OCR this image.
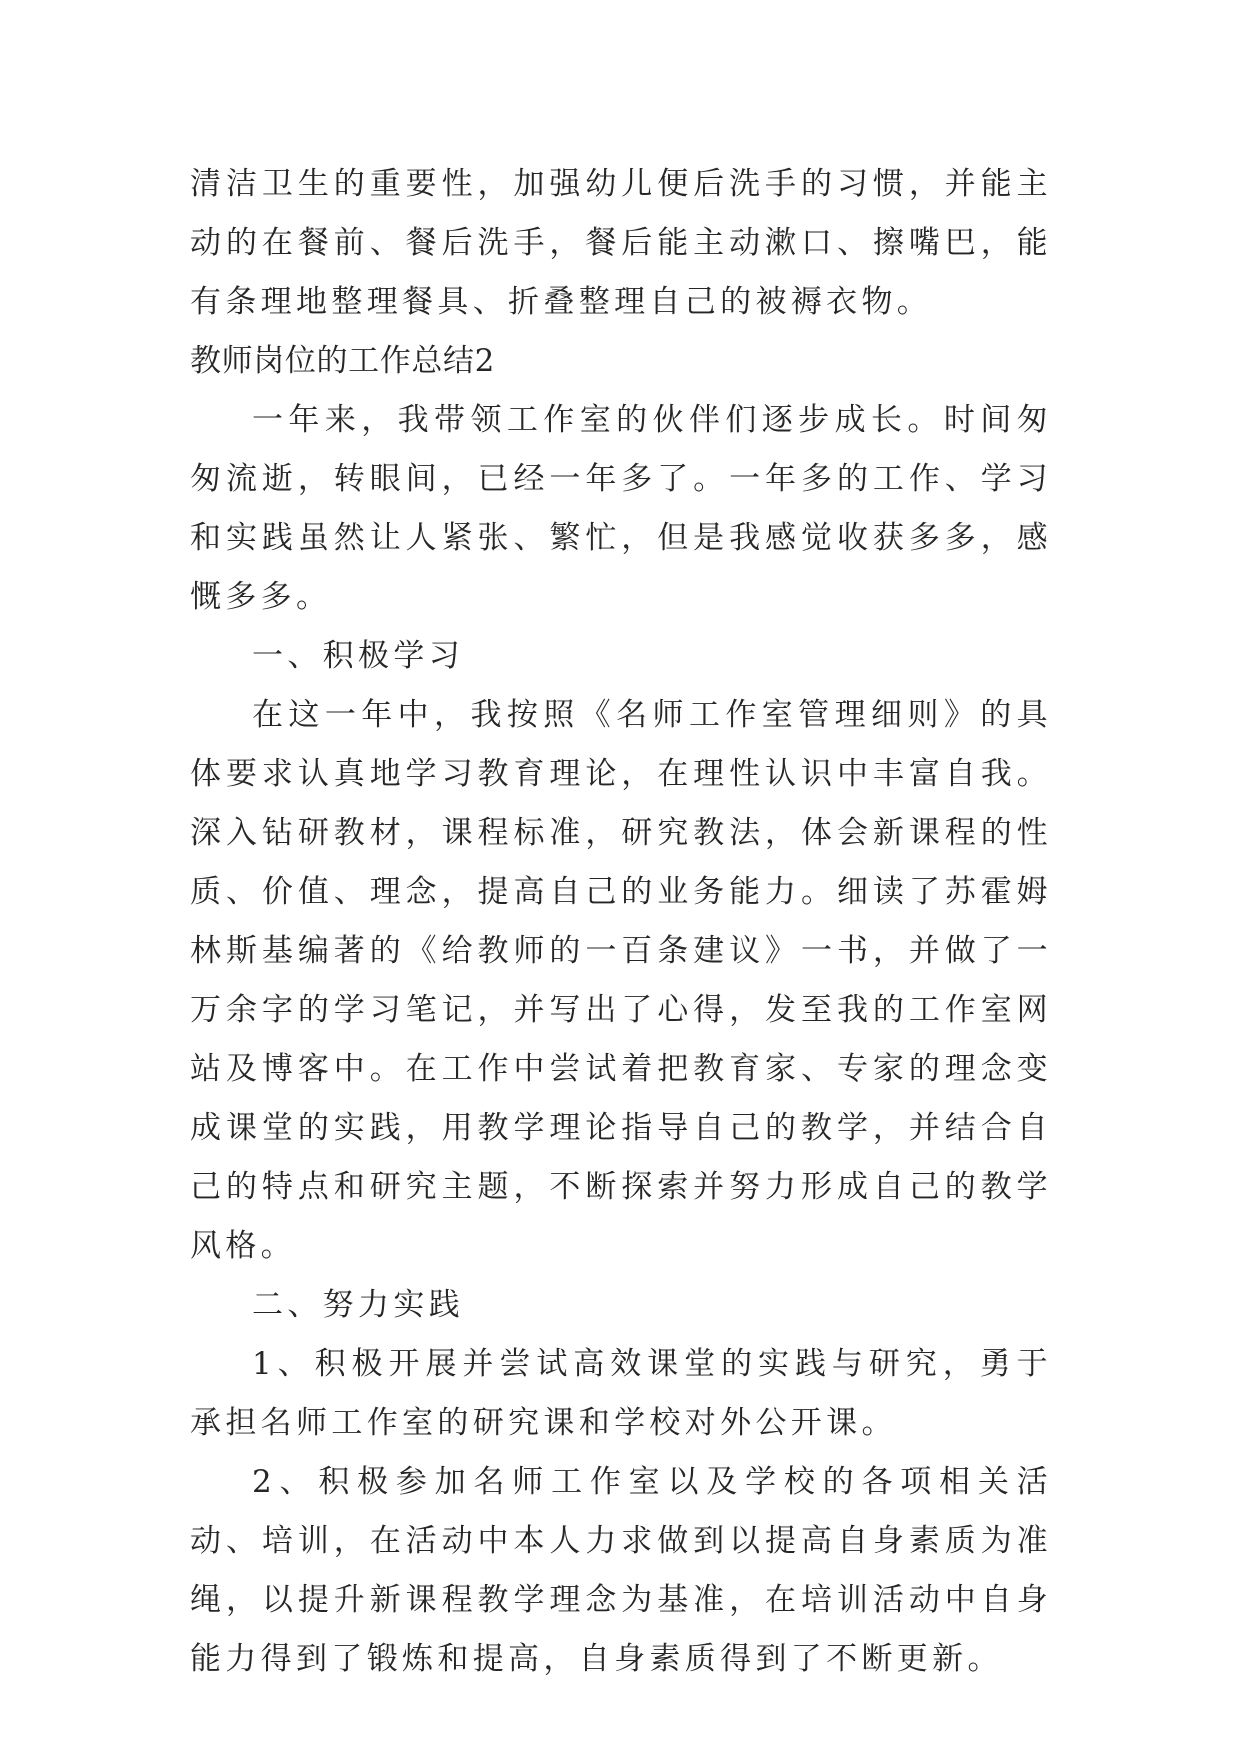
清洁卫生的重要性，加强幼儿便后洗手的习惯，并能主动的在餐前、餐后洗手，餐后能主动漱口、擦嘴巴，能有条理地整理餐具、折叠整理自己的被褥衣物。

教师岗位的工作总结2

一年来，我带领工作室的伙伴们逐步成长。时间匆匆流逝，转眼间，已经一年多了。一年多的工作、学习和实践虽然让人紧张、繁忙，但是我感觉收获多多，感慨多多。

一、积极学习

在这一年中，我按照《名师工作室管理细则》的具体要求认真地学习教育理论，在理性认识中丰富自我。深入钻研教材，课程标准，研究教法，体会新课程的性质、价值、理念，提高自己的业务能力。细读了苏霍姆林斯基编著的《给教师的一百条建议》一书，并做了一万余字的学习笔记，并写出了心得，发至我的工作室网站及博客中。在工作中尝试着把教育家、专家的理念变成课堂的实践，用教学理论指导自己的教学，并结合自己的特点和研究主题，不断探索并努力形成自己的教学风格。

二、努力实践

1、积极开展并尝试高效课堂的实践与研究，勇于承担名师工作室的研究课和学校对外公开课。

2、积极参加名师工作室以及学校的各项相关活动、培训，在活动中本人力求做到以提高自身素质为准绳，以提升新课程教学理念为基准，在培训活动中自身能力得到了锻炼和提高，自身素质得到了不断更新。
